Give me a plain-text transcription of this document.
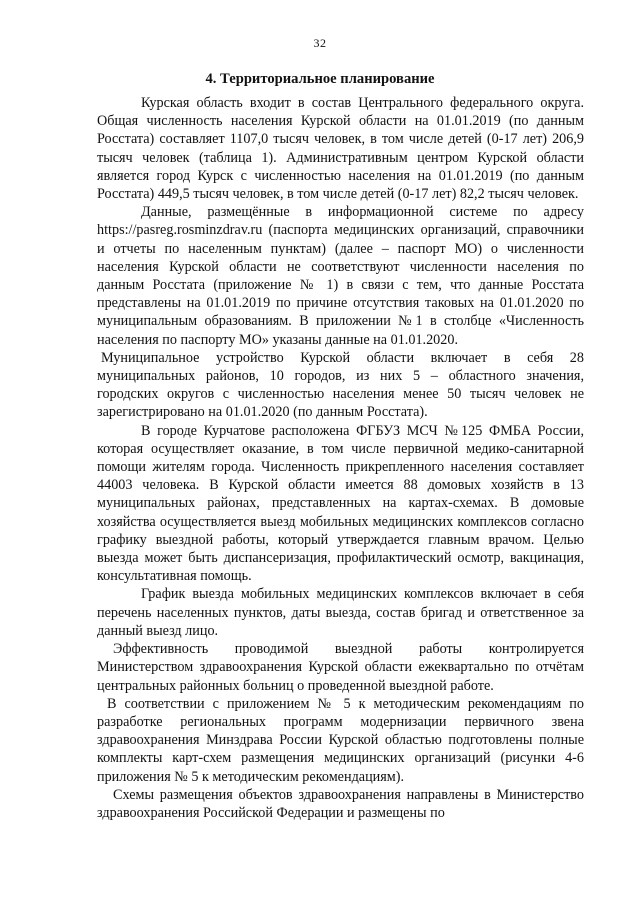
32
4. Территориальное планирование

Курская область входит в состав Центрального федерального округа. Общая численность населения Курской области на 01.01.2019 (по данным Росстата) составляет 1107,0 тысяч человек, в том числе детей (0-17 лет) 206,9 тысяч человек (таблица 1). Административным центром Курской области является город Курск с численностью населения на 01.01.2019 (по данным Росстата) 449,5 тысяч человек, в том числе детей (0-17 лет) 82,2 тысяч человек.

Данные, размещённые в информационной системе по адресу https://pasreg.rosminzdrav.ru (паспорта медицинских организаций, справочники и отчеты по населенным пунктам) (далее – паспорт МО) о численности населения Курской области не соответствуют численности населения по данным Росстата (приложение № 1) в связи с тем, что данные Росстата представлены на 01.01.2019 по причине отсутствия таковых на 01.01.2020 по муниципальным образованиям. В приложении №1 в столбце «Численность населения по паспорту МО» указаны данные на 01.01.2020.

Муниципальное устройство Курской области включает в себя 28 муниципальных районов, 10 городов, из них 5 – областного значения, городских округов с численностью населения менее 50 тысяч человек не зарегистрировано на 01.01.2020 (по данным Росстата).

В городе Курчатове расположена ФГБУЗ МСЧ №125 ФМБА России, которая осуществляет оказание, в том числе первичной медико-санитарной помощи жителям города. Численность прикрепленного населения составляет 44003 человека. В Курской области имеется 88 домовых хозяйств в 13 муниципальных районах, представленных на картах-схемах. В домовые хозяйства осуществляется выезд мобильных медицинских комплексов согласно графику выездной работы, который утверждается главным врачом. Целью выезда может быть диспансеризация, профилактический осмотр, вакцинация, консультативная помощь.

График выезда мобильных медицинских комплексов включает в себя перечень населенных пунктов, даты выезда, состав бригад и ответственное за данный выезд лицо.

Эффективность проводимой выездной работы контролируется Министерством здравоохранения Курской области ежеквартально по отчётам центральных районных больниц о проведенной выездной работе.

В соответствии с приложением № 5 к методическим рекомендациям по разработке региональных программ модернизации первичного звена здравоохранения Минздрава России Курской областью подготовлены полные комплекты карт-схем размещения медицинских организаций (рисунки 4-6 приложения № 5 к методическим рекомендациям).

Схемы размещения объектов здравоохранения направлены в Министерство здравоохранения Российской Федерации и размещены по
